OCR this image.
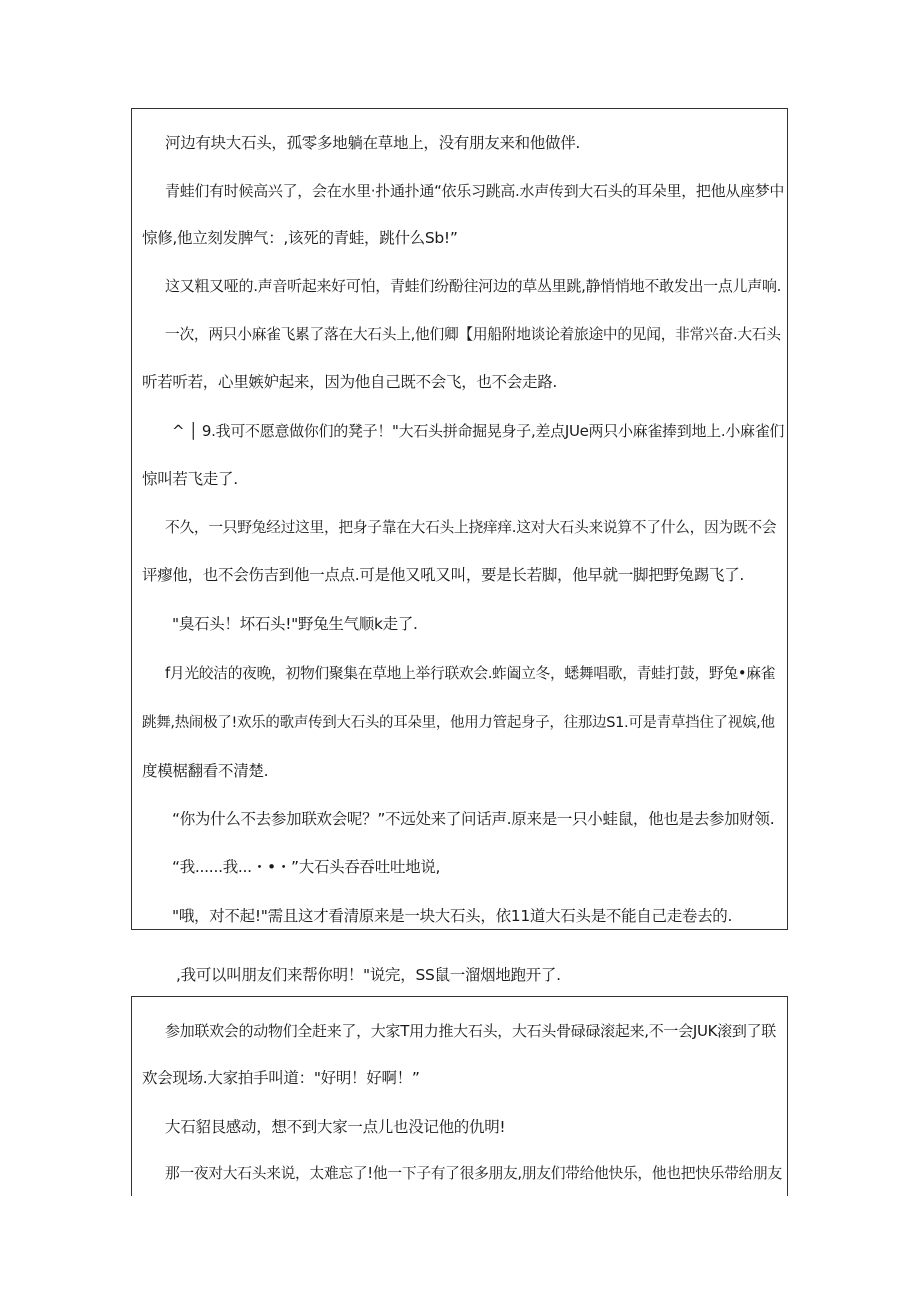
河边有块大石头，孤零多地躺在草地上，没有朋友来和他做伴.
青蛙们有时候高兴了，会在水里·扑通扑通“依乐习跳高.水声传到大石头的耳朵里，把他从座梦中
惊修,他立刻发脾气：,该死的青蛙，跳什么Sb!”
这又粗又哑的.声音听起来好可怕，青蛙们纷酚往河边的草丛里跳,静悄悄地不敢发出一点儿声响.
一次，两只小麻雀飞累了落在大石头上,他们卿【用船附地谈论着旅途中的见闻，非常兴奋.大石头
听若听若，心里嫉妒起来，因为他自己既不会飞，也不会走路.
^ │ 9.我可不愿意做你们的凳子！"大石头拼命掘晃身子,差点JUe两只小麻雀捧到地上.小麻雀们
惊叫若飞走了.
不久，一只野兔经过这里，把身子靠在大石头上挠痒痒.这对大石头来说算不了什么，因为既不会
评瘳他，也不会伤吉到他一点点.可是他又吼又叫，要是长若脚，他早就一脚把野兔踢飞了.
"臭石头！坏石头!"野兔生气顺k走了.
f月光皎洁的夜晚，初物们聚集在草地上举行联欢会.蚱阖立冬，蟋舞唱歌，青蛙打鼓，野兔•麻雀
跳舞,热闹极了!欢乐的歌声传到大石头的耳朵里，他用力管起身子，往那边S1.可是青草挡住了视嫔,他
度模椐翻看不清楚.
“你为什么不去参加联欢会呢？”不远处来了问话声.原来是一只小蛙鼠，他也是去参加财领.
“我......我...・•・”大石头吞吞吐吐地说,
"哦，对不起!"需且这才看清原来是一块大石头，依11道大石头是不能自己走卷去的.
,我可以叫朋友们来帮你明！"说完，SS鼠一溜烟地跑开了.
参加联欢会的动物们全赶来了，大家T用力推大石头，大石头骨碌碌滚起来,不一会JUK滚到了联
欢会现场.大家拍手叫道："好明！好啊！”
大石貂艮感动，想不到大家一点儿也没记他的仇明!
那一夜对大石头来说，太难忘了!他一下子有了很多朋友,朋友们带给他快乐，他也把快乐带给朋友
